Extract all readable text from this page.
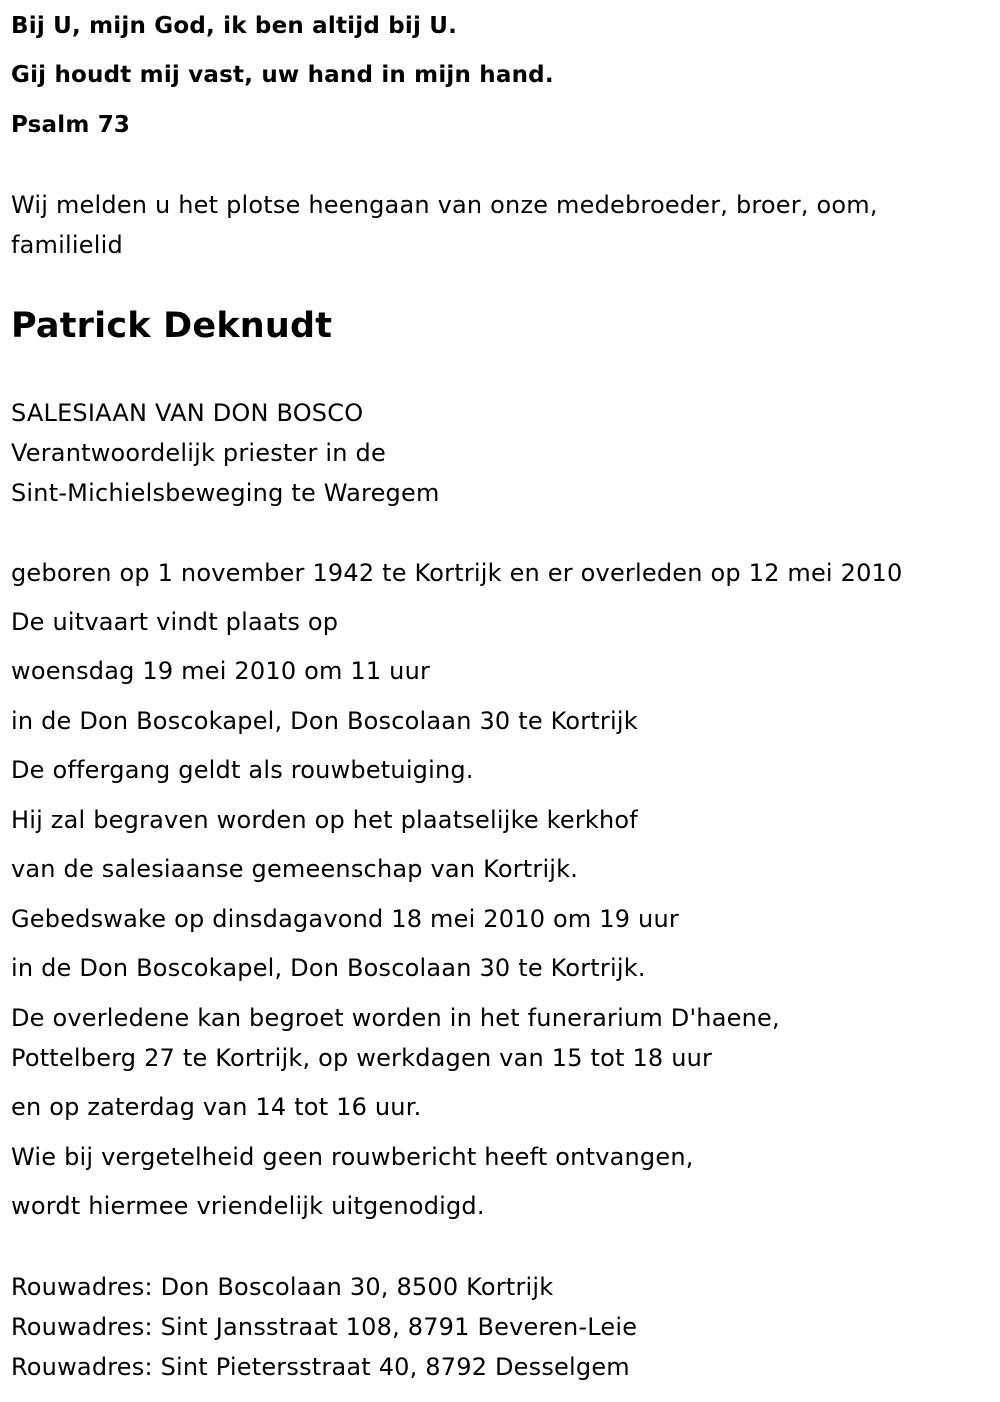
Bij U, mijn God, ik ben altijd bij U.
Gij houdt mij vast, uw hand in mijn hand.
Psalm 73
Wij melden u het plotse heengaan van onze medebroeder, broer, oom,
familielid
Patrick Deknudt
SALESIAAN VAN DON BOSCO
Verantwoordelijk priester in de
Sint-Michielsbeweging te Waregem
geboren op 1 november 1942 te Kortrijk en er overleden op 12 mei 2010
De uitvaart vindt plaats op
woensdag 19 mei 2010 om 11 uur
in de Don Boscokapel, Don Boscolaan 30 te Kortrijk
De offergang geldt als rouwbetuiging.
Hij zal begraven worden op het plaatselijke kerkhof
van de salesiaanse gemeenschap van Kortrijk.
Gebedswake op dinsdagavond 18 mei 2010 om 19 uur
in de Don Boscokapel, Don Boscolaan 30 te Kortrijk.
De overledene kan begroet worden in het funerarium D'haene,
Pottelberg 27 te Kortrijk, op werkdagen van 15 tot 18 uur
en op zaterdag van 14 tot 16 uur.
Wie bij vergetelheid geen rouwbericht heeft ontvangen,
wordt hiermee vriendelijk uitgenodigd.
Rouwadres: Don Boscolaan 30, 8500 Kortrijk
Rouwadres: Sint Jansstraat 108, 8791 Beveren-Leie
Rouwadres: Sint Pietersstraat 40, 8792 Desselgem
